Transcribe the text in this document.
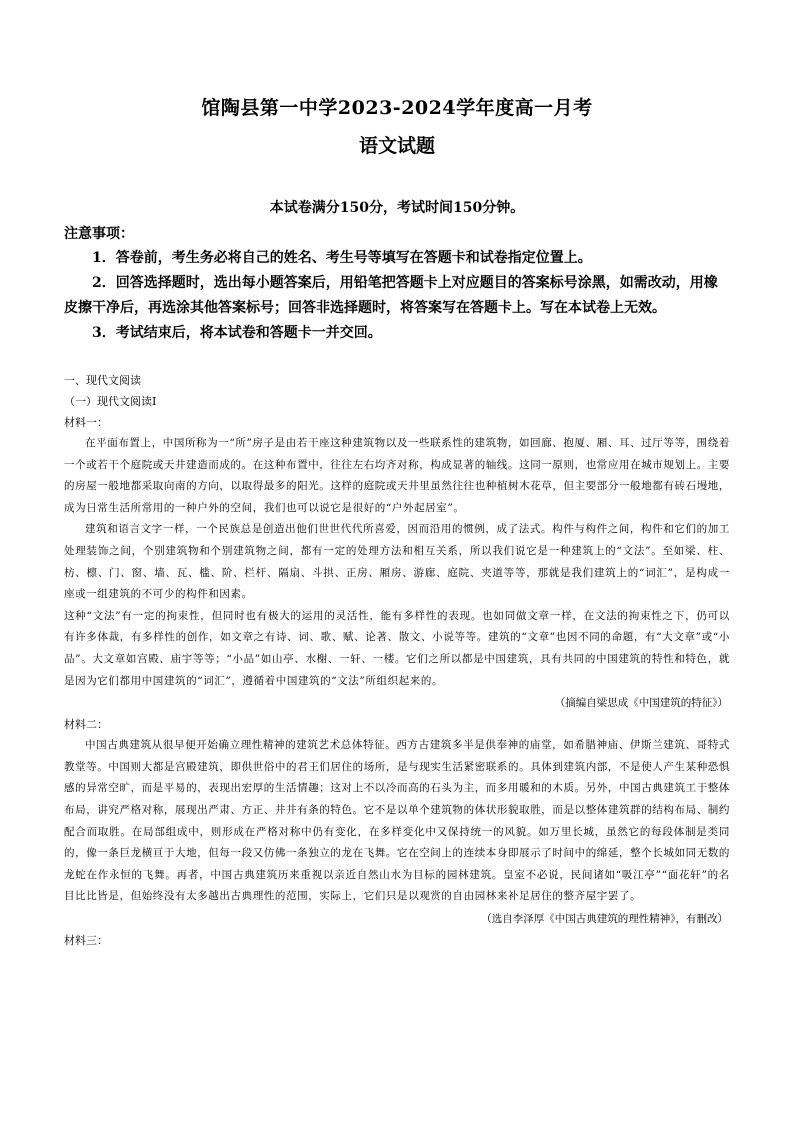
馆陶县第一中学2023-2024学年度高一月考
语文试题
本试卷满分150分，考试时间150分钟。

注意事项：

1．答卷前，考生务必将自己的姓名、考生号等填写在答题卡和试卷指定位置上。

2．回答选择题时，选出每小题答案后，用铅笔把答题卡上对应题目的答案标号涂黑，如需改动，用橡皮擦干净后，再选涂其他答案标号；回答非选择题时，将答案写在答题卡上。写在本试卷上无效。

3．考试结束后，将本试卷和答题卡一并交回。

一、现代文阅读

（一）现代文阅读I

材料一：

在平面布置上，中国所称为一“所”房子是由若干座这种建筑物以及一些联系性的建筑物，如回廊、抱厦、厢、耳、过厅等等，围绕着一个或若干个庭院或天井建造而成的。在这种布置中，往往左右均齐对称，构成显著的轴线。这同一原则，也常应用在城市规划上。主要的房屋一般地都采取向南的方向，以取得最多的阳光。这样的庭院或天井里虽然往往也种植树木花草，但主要部分一般地都有砖石墁地，成为日常生活所常用的一种户外的空间，我们也可以说它是很好的“户外起居室”。

建筑和语言文字一样，一个民族总是创造出他们世世代代所喜爱，因而沿用的惯例，成了法式。构件与构件之间，构件和它们的加工处理装饰之间，个别建筑物和个别建筑物之间，都有一定的处理方法和相互关系，所以我们说它是一种建筑上的“文法”。至如梁、柱、枋、檩、门、窗、墙、瓦、槛、阶、栏杆、隔扇、斗拱、正房、厢房、游廊、庭院、夹道等等，那就是我们建筑上的“词汇”，是构成一座或一组建筑的不可少的构件和因素。

这种“文法”有一定的拘束性，但同时也有极大的运用的灵活性，能有多样性的表现。也如同做文章一样，在文法的拘束性之下，仍可以有许多体裁，有多样性的创作，如文章之有诗、词、歌、赋、论著、散文、小说等等。建筑的“文章”也因不同的命题，有“大文章”或“小品”。大文章如宫殿、庙宇等等；“小品”如山亭、水榭、一轩、一楼。它们之所以都是中国建筑，具有共同的中国建筑的特性和特色，就是因为它们都用中国建筑的“词汇”，遵循着中国建筑的“文法”所组织起来的。

（摘编自梁思成《中国建筑的特征》）

材料二：

中国古典建筑从很早便开始确立理性精神的建筑艺术总体特征。西方古建筑多半是供奉神的庙堂，如希腊神庙、伊斯兰建筑、哥特式教堂等。中国则大都是宫殿建筑，即供世俗中的君王们居住的场所，是与现实生活紧密联系的。具体到建筑内部，不是使人产生某种恐惧感的异常空旷，而是平易的，表现出宏厚的生活情趣；这对上不以冷而高的石头为主，而多用暖和的木质。另外，中国古典建筑工于整体布局，讲究严格对称，展现出严肃、方正、井井有条的特色。它不是以单个建筑物的体状形貌取胜，而是以整体建筑群的结构布局、制约配合而取胜。在局部组成中，则形成在严格对称中仍有变化，在多样变化中又保持统一的风貌。如万里长城，虽然它的每段体制是类同的，像一条巨龙横亘于大地，但每一段又仿佛一条独立的龙在飞舞。它在空间上的连续本身即展示了时间中的绵延，整个长城如同无数的龙蛇在作永恒的飞舞。再者，中国古典建筑历来重视以亲近自然山水为目标的园林建筑。皇室不必说，民间诸如“吸江亭”“面花轩”的名目比比皆是，但始终没有太多越出古典理性的范围，实际上，它们只是以观赏的自由园林来补足居住的整齐屋宇罢了。

（选自李泽厚《中国古典建筑的理性精神》，有删改）

材料三：
